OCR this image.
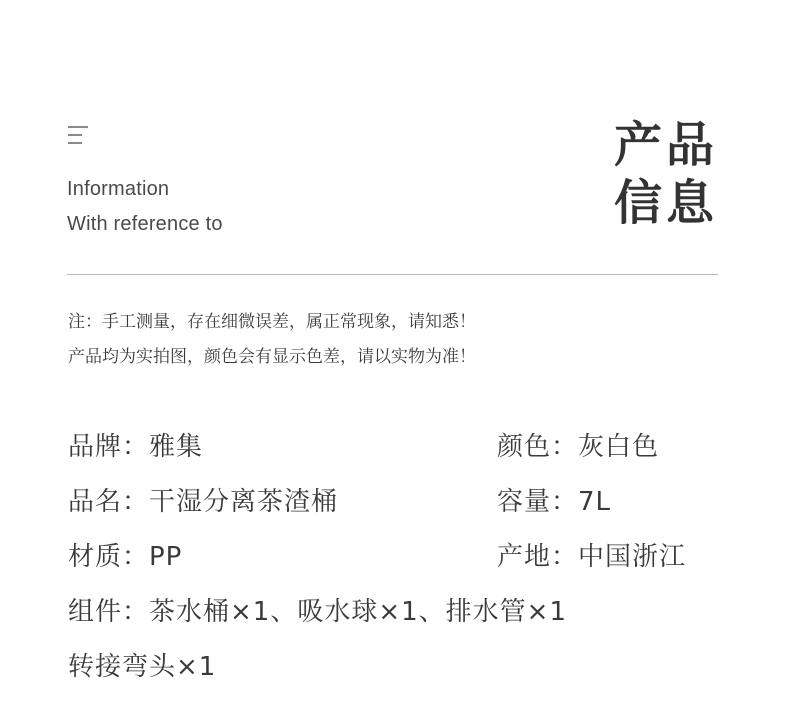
Information
With reference to
产品
信息
注：手工测量，存在细微误差，属正常现象，请知悉！
产品均为实拍图，颜色会有显示色差，请以实物为准！
品牌：雅集	颜色：灰白色
品名：干湿分离茶渣桶	容量：7L
材质：PP	产地：中国浙江
组件：茶水桶×1、吸水球×1、排水管×1
转接弯头×1
